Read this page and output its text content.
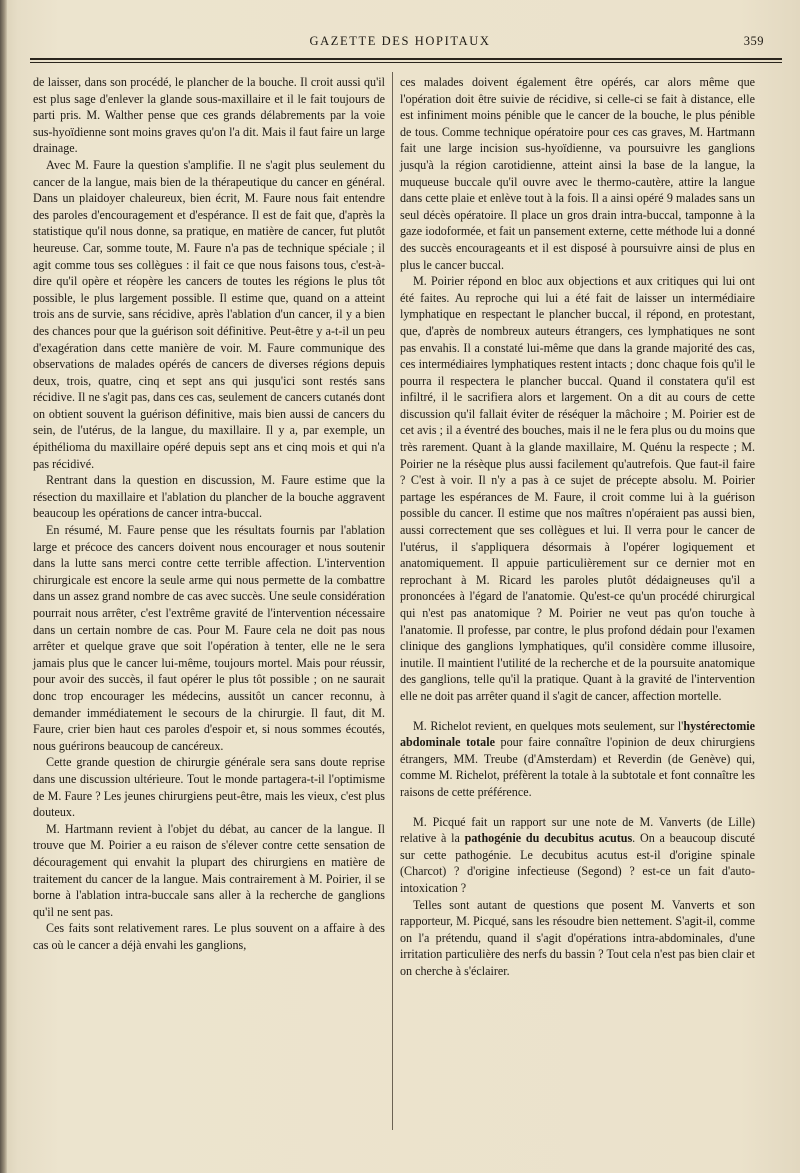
GAZETTE DES HOPITAUX	359

de laisser, dans son procédé, le plancher de la bouche. Il croit aussi qu'il est plus sage d'enlever la glande sous-maxillaire et il le fait toujours de parti pris. M. Walther pense que ces grands délabrements par la voie sus-hyoïdienne sont moins graves qu'on l'a dit. Mais il faut faire un large drainage.

Avec M. Faure la question s'amplifie. Il ne s'agit plus seulement du cancer de la langue, mais bien de la thérapeutique du cancer en général. Dans un plaidoyer chaleureux, bien écrit, M. Faure nous fait entendre des paroles d'encouragement et d'espérance. Il est de fait que, d'après la statistique qu'il nous donne, sa pratique, en matière de cancer, fut plutôt heureuse. Car, somme toute, M. Faure n'a pas de technique spéciale ; il agit comme tous ses collègues : il fait ce que nous faisons tous, c'est-à-dire qu'il opère et réopère les cancers de toutes les régions le plus tôt possible, le plus largement possible. Il estime que, quand on a atteint trois ans de survie, sans récidive, après l'ablation d'un cancer, il y a bien des chances pour que la guérison soit définitive. Peut-être y a-t-il un peu d'exagération dans cette manière de voir. M. Faure communique des observations de malades opérés de cancers de diverses régions depuis deux, trois, quatre, cinq et sept ans qui jusqu'ici sont restés sans récidive. Il ne s'agit pas, dans ces cas, seulement de cancers cutanés dont on obtient souvent la guérison définitive, mais bien aussi de cancers du sein, de l'utérus, de la langue, du maxillaire. Il y a, par exemple, un épithélioma du maxillaire opéré depuis sept ans et cinq mois et qui n'a pas récidivé.

Rentrant dans la question en discussion, M. Faure estime que la résection du maxillaire et l'ablation du plancher de la bouche aggravent beaucoup les opérations de cancer intra-buccal.

En résumé, M. Faure pense que les résultats fournis par l'ablation large et précoce des cancers doivent nous encourager et nous soutenir dans la lutte sans merci contre cette terrible affection. L'intervention chirurgicale est encore la seule arme qui nous permette de la combattre dans un assez grand nombre de cas avec succès. Une seule considération pourrait nous arrêter, c'est l'extrême gravité de l'intervention nécessaire dans un certain nombre de cas. Pour M. Faure cela ne doit pas nous arrêter et quelque grave que soit l'opération à tenter, elle ne le sera jamais plus que le cancer lui-même, toujours mortel. Mais pour réussir, pour avoir des succès, il faut opérer le plus tôt possible ; on ne saurait donc trop encourager les médecins, aussitôt un cancer reconnu, à demander immédiatement le secours de la chirurgie. Il faut, dit M. Faure, crier bien haut ces paroles d'espoir et, si nous sommes écoutés, nous guérirons beaucoup de cancéreux.

Cette grande question de chirurgie générale sera sans doute reprise dans une discussion ultérieure. Tout le monde partagera-t-il l'optimisme de M. Faure ? Les jeunes chirurgiens peut-être, mais les vieux, c'est plus douteux.

M. Hartmann revient à l'objet du débat, au cancer de la langue. Il trouve que M. Poirier a eu raison de s'élever contre cette sensation de découragement qui envahit la plupart des chirurgiens en matière de traitement du cancer de la langue. Mais contrairement à M. Poirier, il se borne à l'ablation intra-buccale sans aller à la recherche de ganglions qu'il ne sent pas.

Ces faits sont relativement rares. Le plus souvent on a affaire à des cas où le cancer a déjà envahi les ganglions,

ces malades doivent également être opérés, car alors même que l'opération doit être suivie de récidive, si celle-ci se fait à distance, elle est infiniment moins pénible que le cancer de la bouche, le plus pénible de tous. Comme technique opératoire pour ces cas graves, M. Hartmann fait une large incision sus-hyoïdienne, va poursuivre les ganglions jusqu'à la région carotidienne, atteint ainsi la base de la langue, la muqueuse buccale qu'il ouvre avec le thermo-cautère, attire la langue dans cette plaie et enlève tout à la fois. Il a ainsi opéré 9 malades sans un seul décès opératoire. Il place un gros drain intra-buccal, tamponne à la gaze iodoformée, et fait un pansement externe, cette méthode lui a donné des succès encourageants et il est disposé à poursuivre ainsi de plus en plus le cancer buccal.

M. Poirier répond en bloc aux objections et aux critiques qui lui ont été faites. Au reproche qui lui a été fait de laisser un intermédiaire lymphatique en respectant le plancher buccal, il répond, en protestant, que, d'après de nombreux auteurs étrangers, ces lymphatiques ne sont pas envahis. Il a constaté lui-même que dans la grande majorité des cas, ces intermédiaires lymphatiques restent intacts ; donc chaque fois qu'il le pourra il respectera le plancher buccal. Quand il constatera qu'il est infiltré, il le sacrifiera alors et largement. On a dit au cours de cette discussion qu'il fallait éviter de réséquer la mâchoire ; M. Poirier est de cet avis ; il a éventré des bouches, mais il ne le fera plus ou du moins que très rarement. Quant à la glande maxillaire, M. Quénu la respecte ; M. Poirier ne la résèque plus aussi facilement qu'autrefois. Que faut-il faire ? C'est à voir. Il n'y a pas à ce sujet de précepte absolu. M. Poirier partage les espérances de M. Faure, il croit comme lui à la guérison possible du cancer. Il estime que nos maîtres n'opéraient pas aussi bien, aussi correctement que ses collègues et lui. Il verra pour le cancer de l'utérus, il s'appliquera désormais à l'opérer logiquement et anatomiquement. Il appuie particulièrement sur ce dernier mot en reprochant à M. Ricard les paroles plutôt dédaigneuses qu'il a prononcées à l'égard de l'anatomie. Qu'est-ce qu'un procédé chirurgical qui n'est pas anatomique ? M. Poirier ne veut pas qu'on touche à l'anatomie. Il professe, par contre, le plus profond dédain pour l'examen clinique des ganglions lymphatiques, qu'il considère comme illusoire, inutile. Il maintient l'utilité de la recherche et de la poursuite anatomique des ganglions, telle qu'il la pratique. Quant à la gravité de l'intervention elle ne doit pas arrêter quand il s'agit de cancer, affection mortelle.

M. Richelot revient, en quelques mots seulement, sur l'hystérectomie abdominale totale pour faire connaître l'opinion de deux chirurgiens étrangers, MM. Treube (d'Amsterdam) et Reverdin (de Genève) qui, comme M. Richelot, préfèrent la totale à la subtotale et font connaître les raisons de cette préférence.

M. Picqué fait un rapport sur une note de M. Vanverts (de Lille) relative à la pathogénie du decubitus acutus. On a beaucoup discuté sur cette pathogénie. Le decubitus acutus est-il d'origine spinale (Charcot) ? d'origine infectieuse (Segond) ? est-ce un fait d'auto-intoxication ?

Telles sont autant de questions que posent M. Vanverts et son rapporteur, M. Picqué, sans les résoudre bien nettement. S'agit-il, comme on l'a prétendu, quand il s'agit d'opérations intra-abdominales, d'une irritation particulière des nerfs du bassin ? Tout cela n'est pas bien clair et on cherche à s'éclairer.
